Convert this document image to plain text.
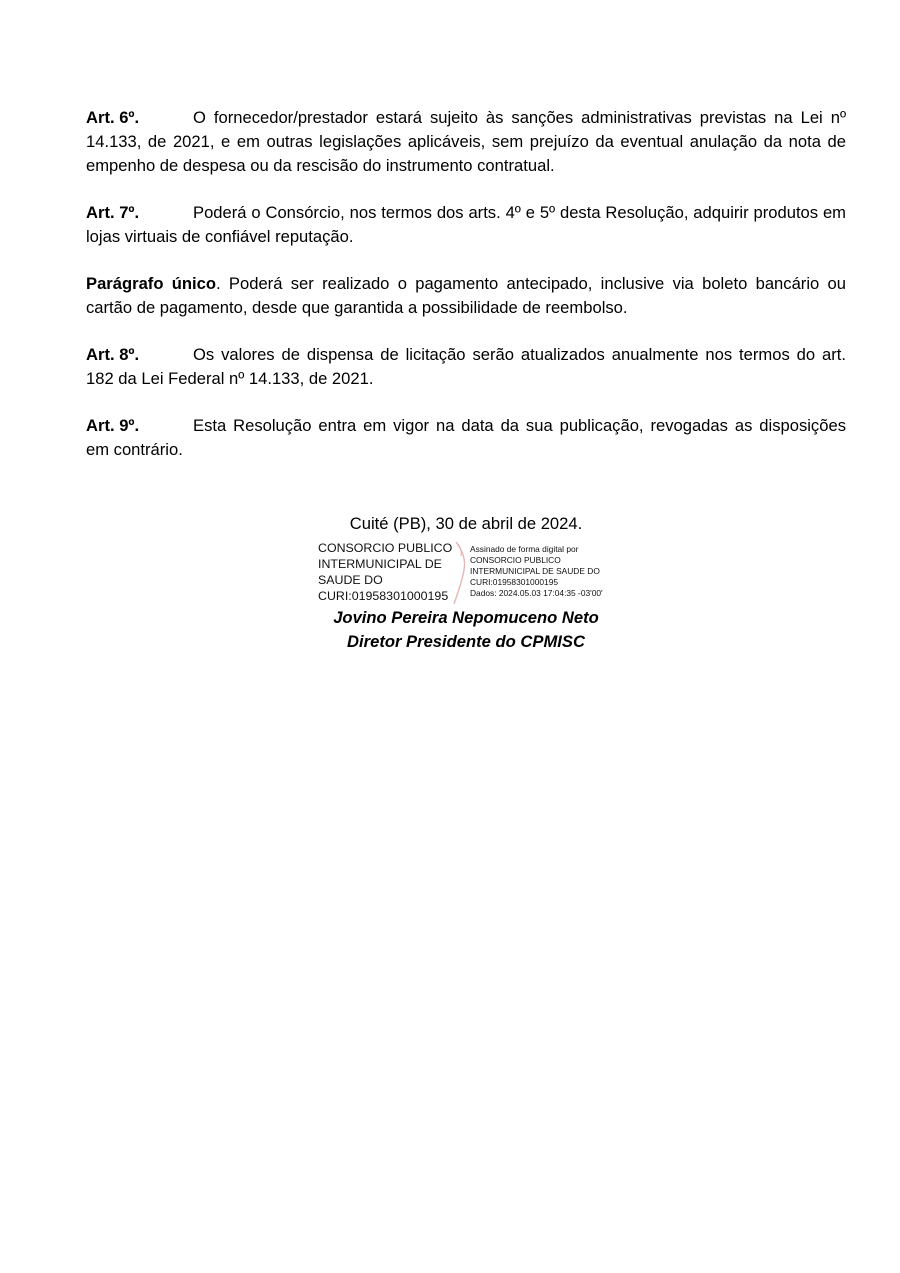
Art. 6º.	O fornecedor/prestador estará sujeito às sanções administrativas previstas na Lei nº 14.133, de 2021, e em outras legislações aplicáveis, sem prejuízo da eventual anulação da nota de empenho de despesa ou da rescisão do instrumento contratual.

Art. 7º.	Poderá o Consórcio, nos termos dos arts. 4º e 5º desta Resolução, adquirir produtos em lojas virtuais de confiável reputação.

Parágrafo único. Poderá ser realizado o pagamento antecipado, inclusive via boleto bancário ou cartão de pagamento, desde que garantida a possibilidade de reembolso.

Art. 8º.	Os valores de dispensa de licitação serão atualizados anualmente nos termos do art. 182 da Lei Federal nº 14.133, de 2021.

Art. 9º.	Esta Resolução entra em vigor na data da sua publicação, revogadas as disposições em contrário.

Cuité (PB), 30 de abril de 2024.

CONSORCIO PUBLICO
INTERMUNICIPAL DE
SAUDE DO
CURI:01958301000195
Assinado de forma digital por
CONSORCIO PUBLICO
INTERMUNICIPAL DE SAUDE DO
CURI:01958301000195
Dados: 2024.05.03 17:04:35 -03'00'

Jovino Pereira Nepomuceno Neto

Diretor Presidente do CPMISC
